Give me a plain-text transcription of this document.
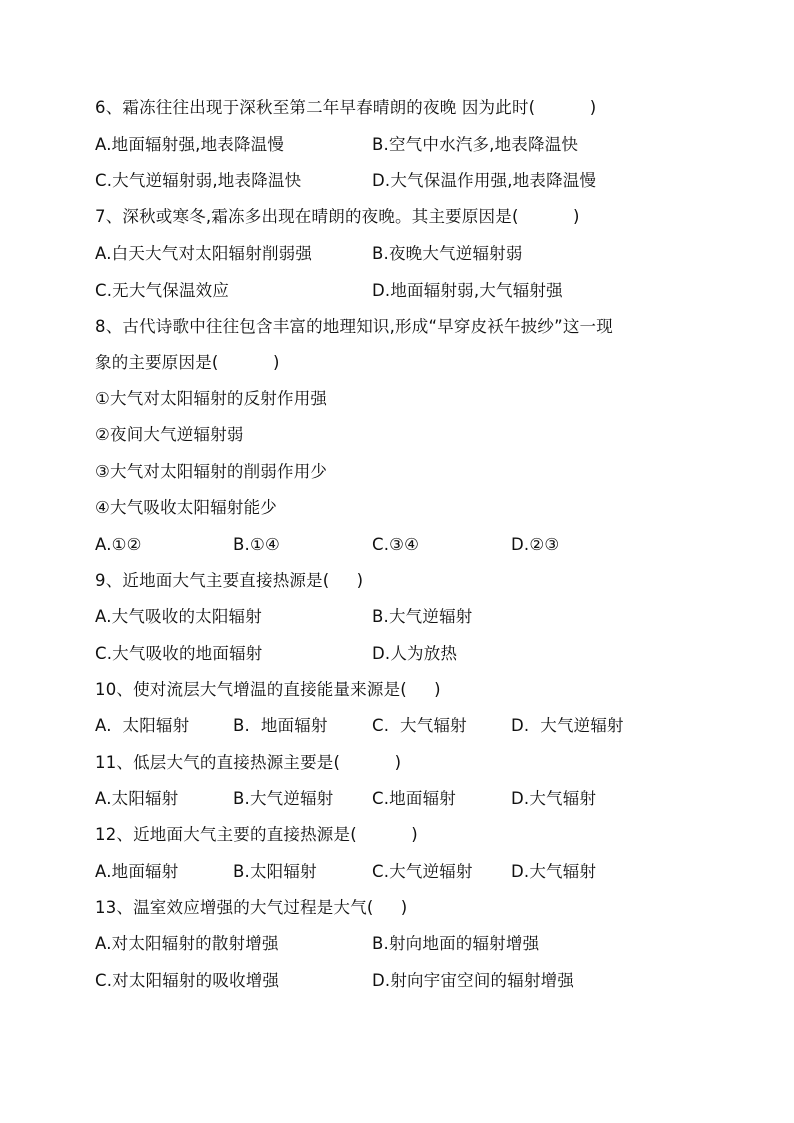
6、霜冻往往出现于深秋至第二年早春晴朗的夜晚 因为此时(          )
A.地面辐射强,地表降温慢	B.空气中水汽多,地表降温快
C.大气逆辐射弱,地表降温快	D.大气保温作用强,地表降温慢
7、深秋或寒冬,霜冻多出现在晴朗的夜晚。其主要原因是(          )
A.白天大气对太阳辐射削弱强	B.夜晚大气逆辐射弱
C.无大气保温效应	D.地面辐射弱,大气辐射强
8、古代诗歌中往往包含丰富的地理知识,形成“早穿皮袄午披纱”这一现
象的主要原因是(          )
①大气对太阳辐射的反射作用强
②夜间大气逆辐射弱
③大气对太阳辐射的削弱作用少
④大气吸收太阳辐射能少
A.①②	B.①④	C.③④	D.②③
9、近地面大气主要直接热源是(     )
A.大气吸收的太阳辐射	B.大气逆辐射
C.大气吸收的地面辐射	D.人为放热
10、使对流层大气增温的直接能量来源是(     )
A.  太阳辐射	B.  地面辐射	C.  大气辐射	D.  大气逆辐射
11、低层大气的直接热源主要是(          )
A.太阳辐射	B.大气逆辐射 C.地面辐射	D.大气辐射
12、近地面大气主要的直接热源是(          )
A.地面辐射	B.太阳辐射	C.大气逆辐射 D.大气辐射
13、温室效应增强的大气过程是大气(     )
A.对太阳辐射的散射增强	B.射向地面的辐射增强
C.对太阳辐射的吸收增强	D.射向宇宙空间的辐射增强
